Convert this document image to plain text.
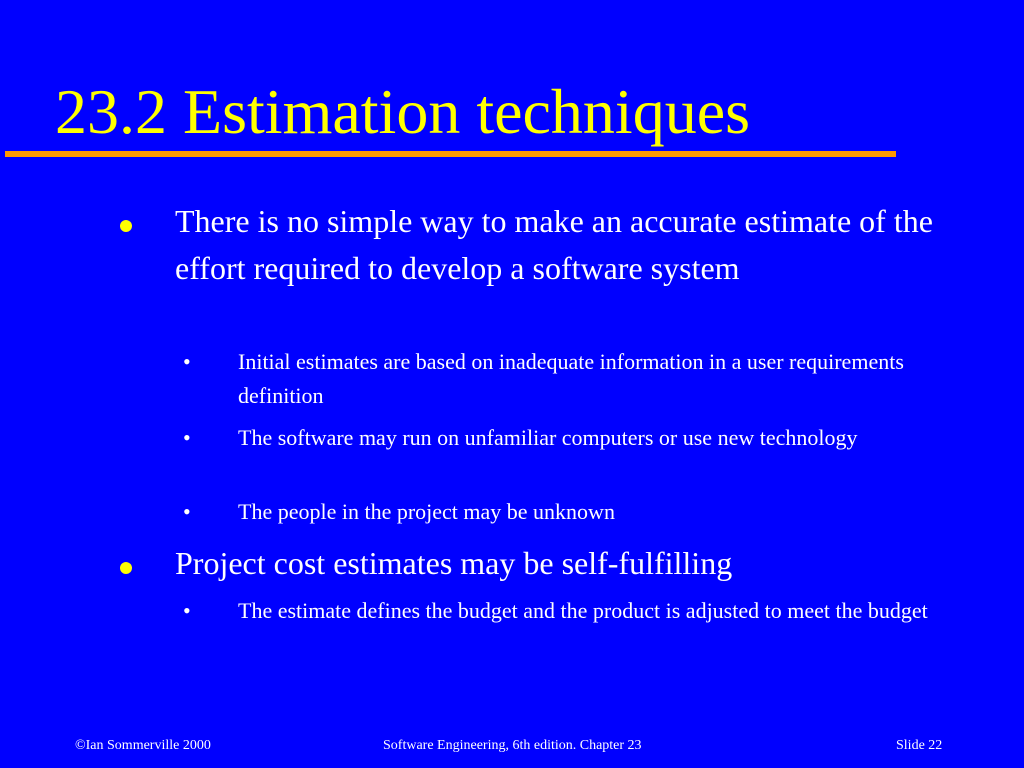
23.2 Estimation techniques
There is no simple way to make an accurate estimate of the effort required to develop a software system
• Initial estimates are based on inadequate information in a user requirements definition
• The software may run on unfamiliar computers or use new technology
• The people in the project may be unknown
Project cost estimates may be self-fulfilling
• The estimate defines the budget and the product is adjusted to meet the budget
©Ian Sommerville 2000	Software Engineering, 6th edition. Chapter 23	Slide 22
